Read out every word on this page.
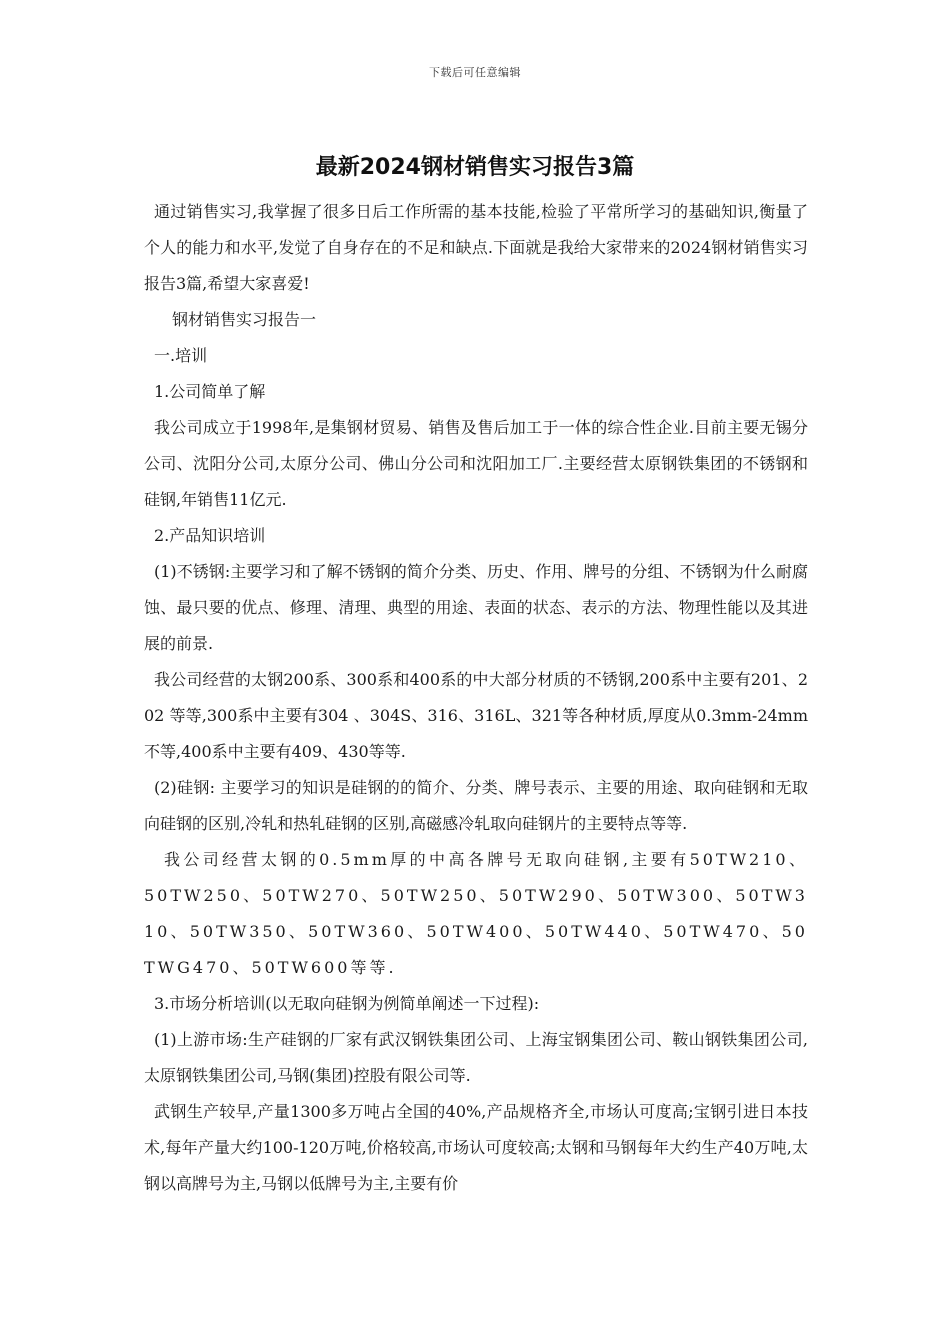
下载后可任意编辑
最新2024钢材销售实习报告3篇

通过销售实习,我掌握了很多日后工作所需的基本技能,检验了平常所学习的基础知识,衡量了个人的能力和水平,发觉了自身存在的不足和缺点.下面就是我给大家带来的2024钢材销售实习报告3篇,希望大家喜爱!

钢材销售实习报告一

一.培训

1.公司简单了解

我公司成立于1998年,是集钢材贸易、销售及售后加工于一体的综合性企业.目前主要无锡分公司、沈阳分公司,太原分公司、佛山分公司和沈阳加工厂.主要经营太原钢铁集团的不锈钢和硅钢,年销售11亿元.

2.产品知识培训

(1)不锈钢:主要学习和了解不锈钢的简介分类、历史、作用、牌号的分组、不锈钢为什么耐腐蚀、最只要的优点、修理、清理、典型的用途、表面的状态、表示的方法、物理性能以及其进展的前景.

我公司经营的太钢200系、300系和400系的中大部分材质的不锈钢,200系中主要有201、202 等等,300系中主要有304 、304S、316、316L、321等各种材质,厚度从0.3mm-24mm不等,400系中主要有409、430等等.

(2)硅钢: 主要学习的知识是硅钢的的简介、分类、牌号表示、主要的用途、取向硅钢和无取向硅钢的区别,冷轧和热轧硅钢的区别,高磁感冷轧取向硅钢片的主要特点等等.

我公司经营太钢的0.5mm厚的中高各牌号无取向硅钢,主要有50TW210、50TW250、50TW270、50TW250、50TW290、50TW300、50TW310、50TW350、50TW360、50TW400、50TW440、50TW470、50TWG470、50TW600等等.

3.市场分析培训(以无取向硅钢为例简单阐述一下过程):

(1)上游市场:生产硅钢的厂家有武汉钢铁集团公司、上海宝钢集团公司、鞍山钢铁集团公司,太原钢铁集团公司,马钢(集团)控股有限公司等.

武钢生产较早,产量1300多万吨占全国的40%,产品规格齐全,市场认可度高;宝钢引进日本技术,每年产量大约100-120万吨,价格较高,市场认可度较高;太钢和马钢每年大约生产40万吨,太钢以高牌号为主,马钢以低牌号为主,主要有价
